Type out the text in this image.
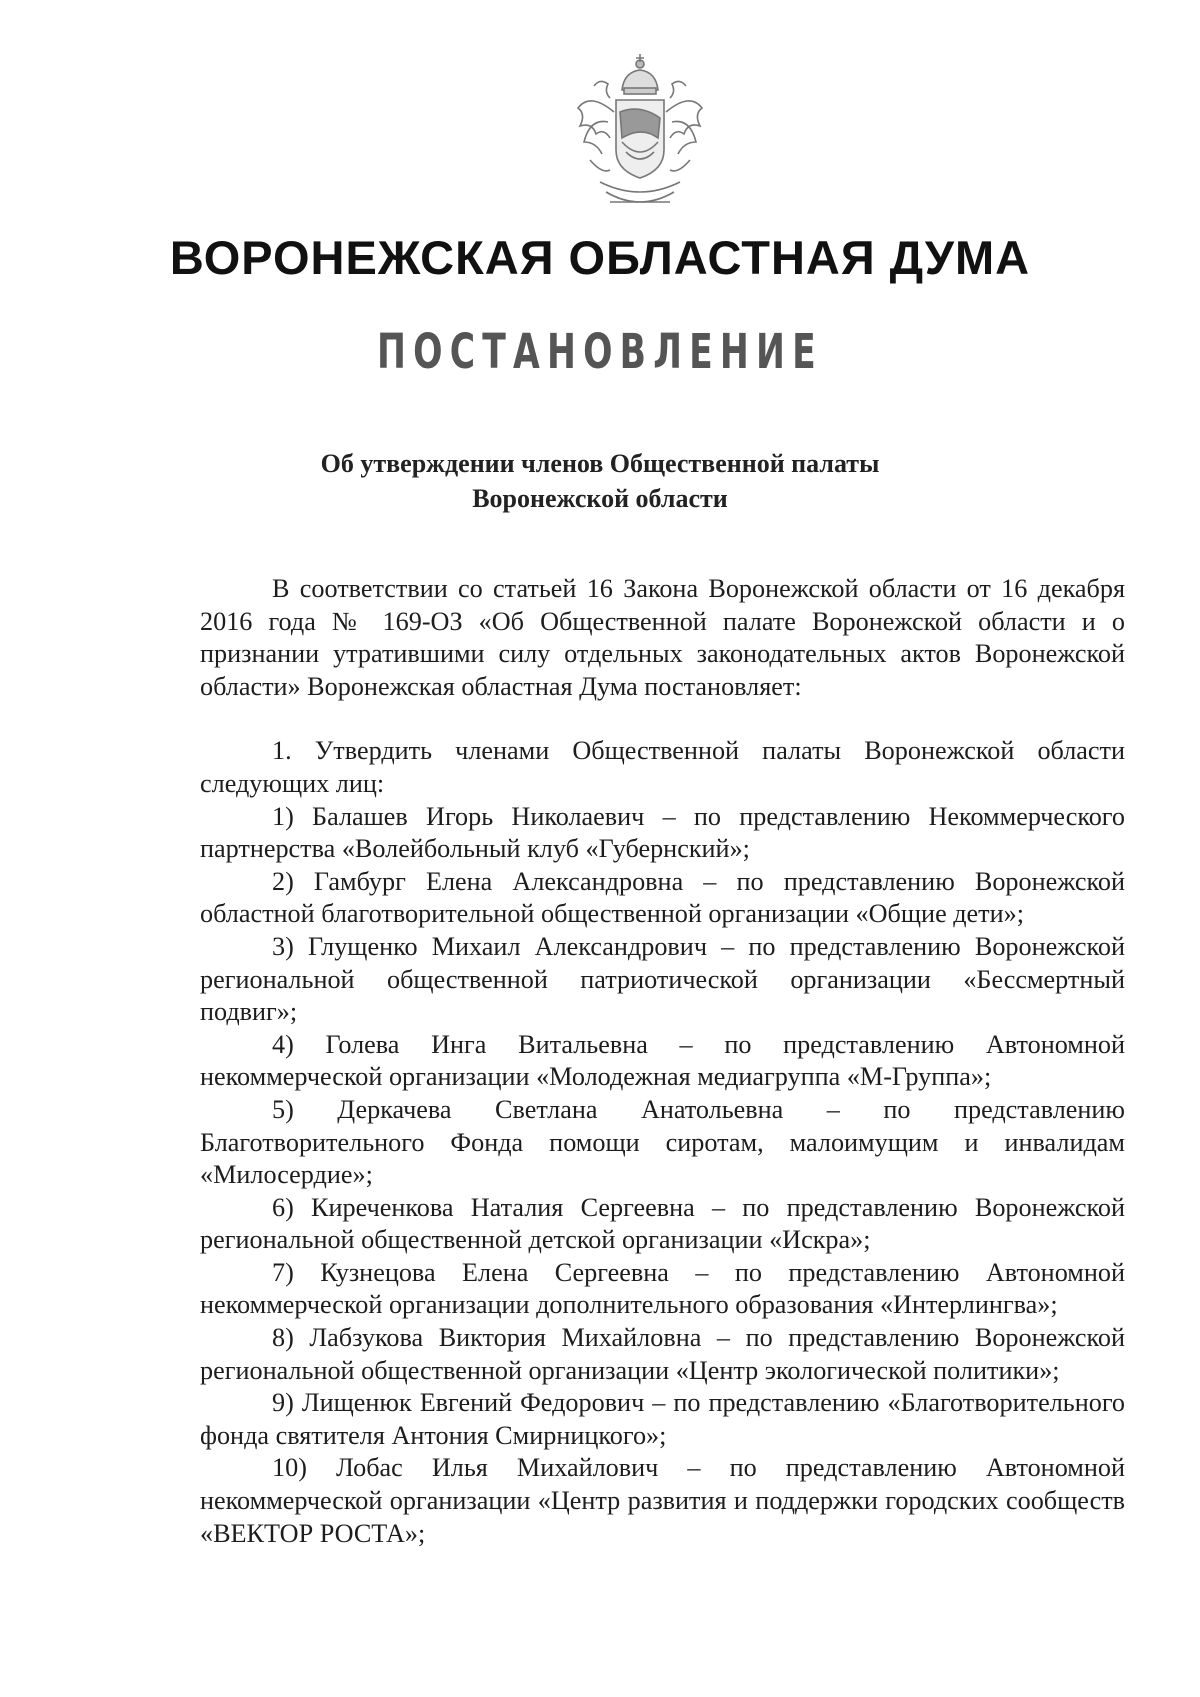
ВОРОНЕЖСКАЯ ОБЛАСТНАЯ ДУМА
ПОСТАНОВЛЕНИЕ
Об утверждении членов Общественной палаты
Воронежской области

В соответствии со статьей 16 Закона Воронежской области от 16 декабря 2016 года № 169-ОЗ «Об Общественной палате Воронежской области и о признании утратившими силу отдельных законодательных актов Воронежской области» Воронежская областная Дума постановляет:

1. Утвердить членами Общественной палаты Воронежской области следующих лиц:

1) Балашев Игорь Николаевич – по представлению Некоммерческого партнерства «Волейбольный клуб «Губернский»;

2) Гамбург Елена Александровна – по представлению Воронежской областной благотворительной общественной организации «Общие дети»;

3) Глущенко Михаил Александрович – по представлению Воронежской региональной общественной патриотической организации «Бессмертный подвиг»;

4) Голева Инга Витальевна – по представлению Автономной некоммерческой организации «Молодежная медиагруппа «М-Группа»;

5) Деркачева Светлана Анатольевна – по представлению Благотворительного Фонда помощи сиротам, малоимущим и инвалидам «Милосердие»;

6) Киреченкова Наталия Сергеевна – по представлению Воронежской региональной общественной детской организации «Искра»;

7) Кузнецова Елена Сергеевна – по представлению Автономной некоммерческой организации дополнительного образования «Интерлингва»;

8) Лабзукова Виктория Михайловна – по представлению Воронежской региональной общественной организации «Центр экологической политики»;

9) Лищенюк Евгений Федорович – по представлению «Благотворительного фонда святителя Антония Смирницкого»;

10) Лобас Илья Михайлович – по представлению Автономной некоммерческой организации «Центр развития и поддержки городских сообществ «ВЕКТОР РОСТА»;
